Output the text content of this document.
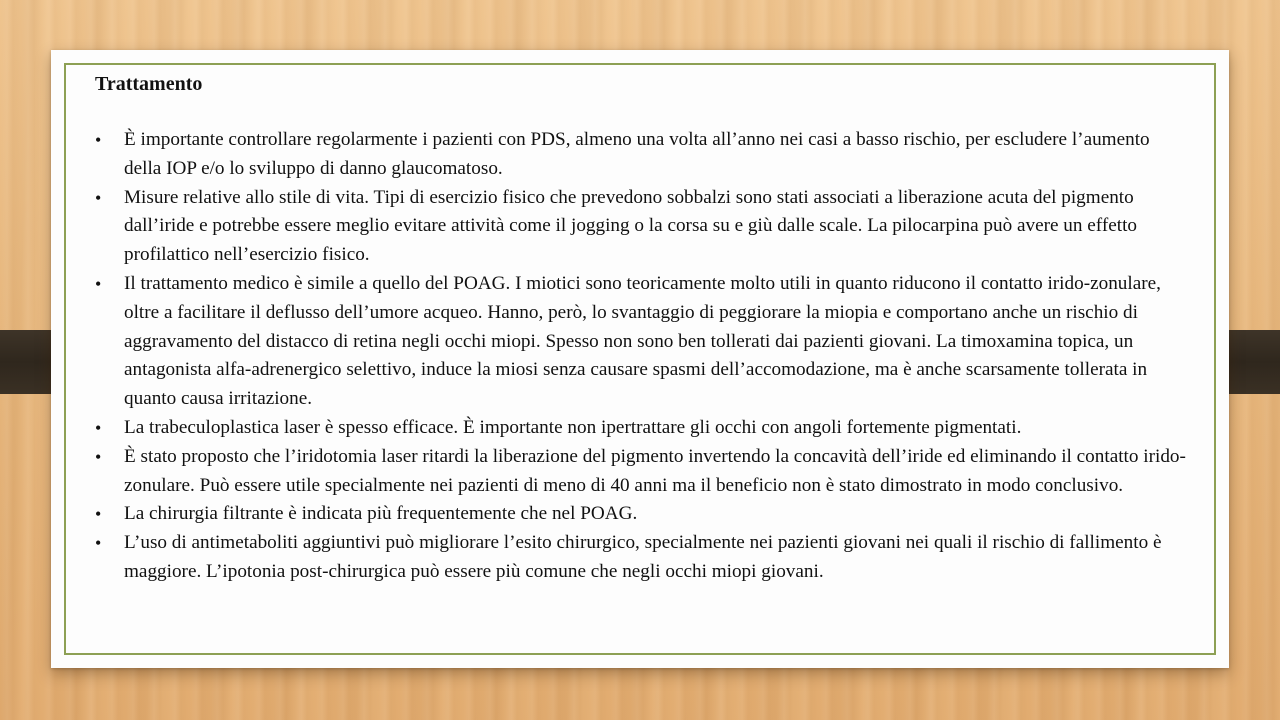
Trattamento
• È importante controllare regolarmente i pazienti con PDS, almeno una volta all’anno nei casi a basso rischio, per escludere l’aumento della IOP e/o lo sviluppo di danno glaucomatoso.
• Misure relative allo stile di vita. Tipi di esercizio fisico che prevedono sobbalzi sono stati associati a liberazione acuta del pigmento dall’iride e potrebbe essere meglio evitare attività come il jogging o la corsa su e giù dalle scale. La pilocarpina può avere un effetto profilattico nell’esercizio fisico.
• Il trattamento medico è simile a quello del POAG. I miotici sono teoricamente molto utili in quanto riducono il contatto irido-zonulare, oltre a facilitare il deflusso dell’umore acqueo. Hanno, però, lo svantaggio di peggiorare la miopia e comportano anche un rischio di aggravamento del distacco di retina negli occhi miopi. Spesso non sono ben tollerati dai pazienti giovani. La timoxamina topica, un antagonista alfa-adrenergico selettivo, induce la miosi senza causare spasmi dell’accomodazione, ma è anche scarsamente tollerata in quanto causa irritazione.
• La trabeculoplastica laser è spesso efficace. È importante non ipertrattare gli occhi con angoli fortemente pigmentati.
• È stato proposto che l’iridotomia laser ritardi la liberazione del pigmento invertendo la concavità dell’iride ed eliminando il contatto irido-zonulare. Può essere utile specialmente nei pazienti di meno di 40 anni ma il beneficio non è stato dimostrato in modo conclusivo.
• La chirurgia filtrante è indicata più frequentemente che nel POAG.
• L’uso di antimetaboliti aggiuntivi può migliorare l’esito chirurgico, specialmente nei pazienti giovani nei quali il rischio di fallimento è maggiore. L’ipotonia post-chirurgica può essere più comune che negli occhi miopi giovani.
